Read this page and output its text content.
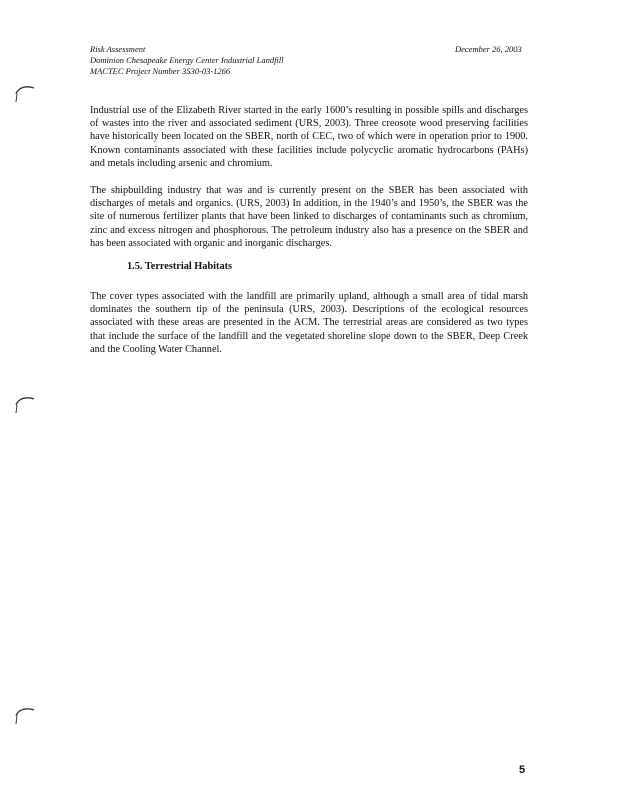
Risk Assessment
Dominion Chesapeake Energy Center Industrial Landfill
MACTEC Project Number 3530-03-1266
December 26, 2003

Industrial use of the Elizabeth River started in the early 1600’s resulting in possible spills and discharges of wastes into the river and associated sediment (URS, 2003). Three creosote wood preserving facilities have historically been located on the SBER, north of CEC, two of which were in operation prior to 1900. Known contaminants associated with these facilities include polycyclic aromatic hydrocarbons (PAHs) and metals including arsenic and chromium.

The shipbuilding industry that was and is currently present on the SBER has been associated with discharges of metals and organics. (URS, 2003) In addition, in the 1940’s and 1950’s, the SBER was the site of numerous fertilizer plants that have been linked to discharges of contaminants such as chromium, zinc and excess nitrogen and phosphorous. The petroleum industry also has a presence on the SBER and has been associated with organic and inorganic discharges.

1.5. Terrestrial Habitats

The cover types associated with the landfill are primarily upland, although a small area of tidal marsh dominates the southern tip of the peninsula (URS, 2003). Descriptions of the ecological resources associated with these areas are presented in the ACM. The terrestrial areas are considered as two types that include the surface of the landfill and the vegetated shoreline slope down to the SBER, Deep Creek and the Cooling Water Channel.

5
